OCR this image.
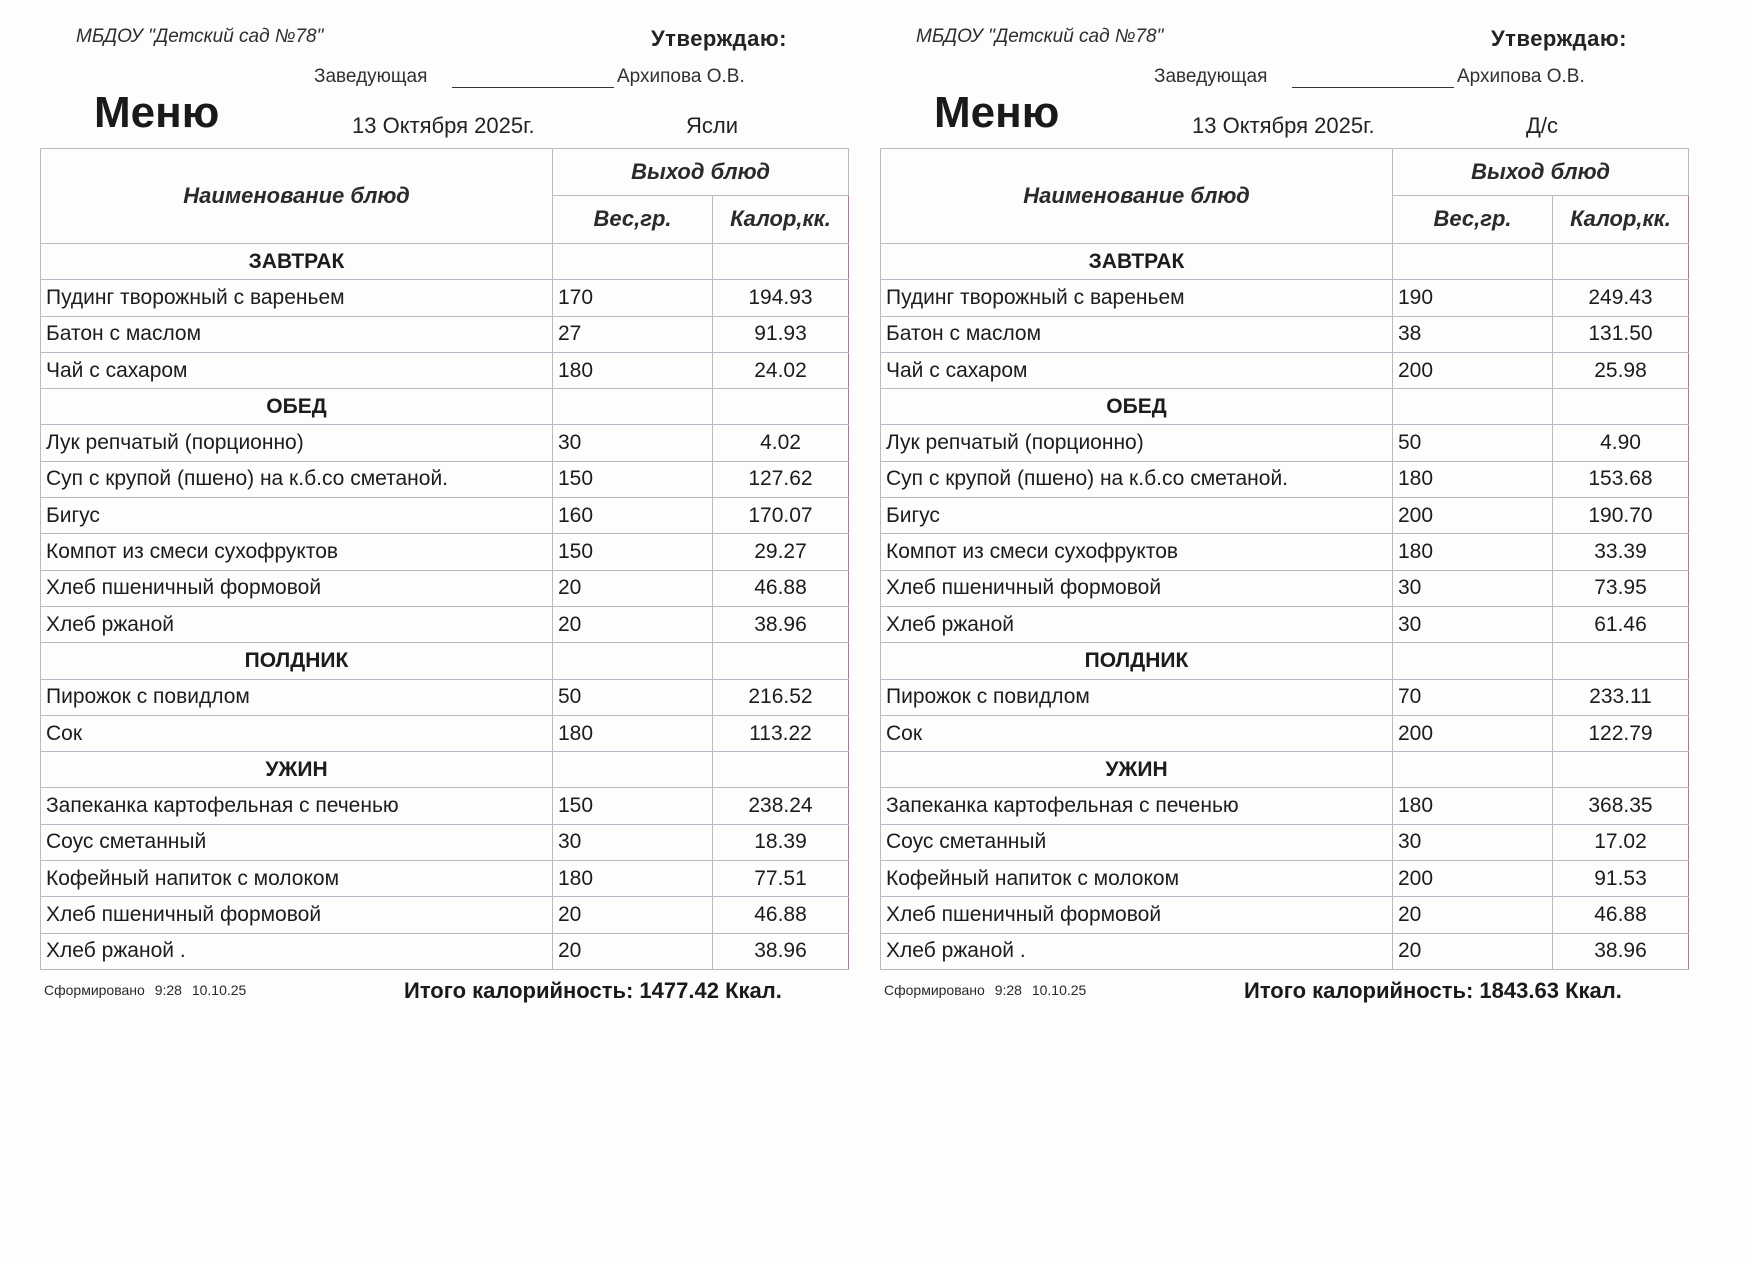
МБДОУ "Детский сад №78"	Утверждаю:
Заведующая	Архипова О.В.
Меню	13 Октября 2025г.	Ясли
Наименование блюд	Выход блюд	
	Вес,гр.	Калор,кк.
ЗАВТРАК		
Пудинг творожный с вареньем	170	194.93
Батон с маслом	27	91.93
Чай с сахаром	180	24.02
ОБЕД		
Лук репчатый (порционно)	30	4.02
Суп с крупой (пшено) на к.б.со сметаной.	150	127.62
Бигус	160	170.07
Компот из смеси сухофруктов	150	29.27
Хлеб пшеничный формовой	20	46.88
Хлеб ржаной	20	38.96
ПОЛДНИК		
Пирожок с повидлом	50	216.52
Сок	180	113.22
УЖИН		
Запеканка картофельная с печенью	150	238.24
Соус сметанный	30	18.39
Кофейный напиток с молоком	180	77.51
Хлеб пшеничный формовой	20	46.88
Хлеб ржаной .	20	38.96
Сформировано 9:28 10.10.25	Итого калорийность: 1477.42 Ккал.
МБДОУ "Детский сад №78"	Утверждаю:
Заведующая	Архипова О.В.
Меню	13 Октября 2025г.	Д/с
Наименование блюд	Выход блюд	
	Вес,гр.	Калор,кк.
ЗАВТРАК		
Пудинг творожный с вареньем	190	249.43
Батон с маслом	38	131.50
Чай с сахаром	200	25.98
ОБЕД		
Лук репчатый (порционно)	50	4.90
Суп с крупой (пшено) на к.б.со сметаной.	180	153.68
Бигус	200	190.70
Компот из смеси сухофруктов	180	33.39
Хлеб пшеничный формовой	30	73.95
Хлеб ржаной	30	61.46
ПОЛДНИК		
Пирожок с повидлом	70	233.11
Сок	200	122.79
УЖИН		
Запеканка картофельная с печенью	180	368.35
Соус сметанный	30	17.02
Кофейный напиток с молоком	200	91.53
Хлеб пшеничный формовой	20	46.88
Хлеб ржаной .	20	38.96
Сформировано 9:28 10.10.25	Итого калорийность: 1843.63 Ккал.
